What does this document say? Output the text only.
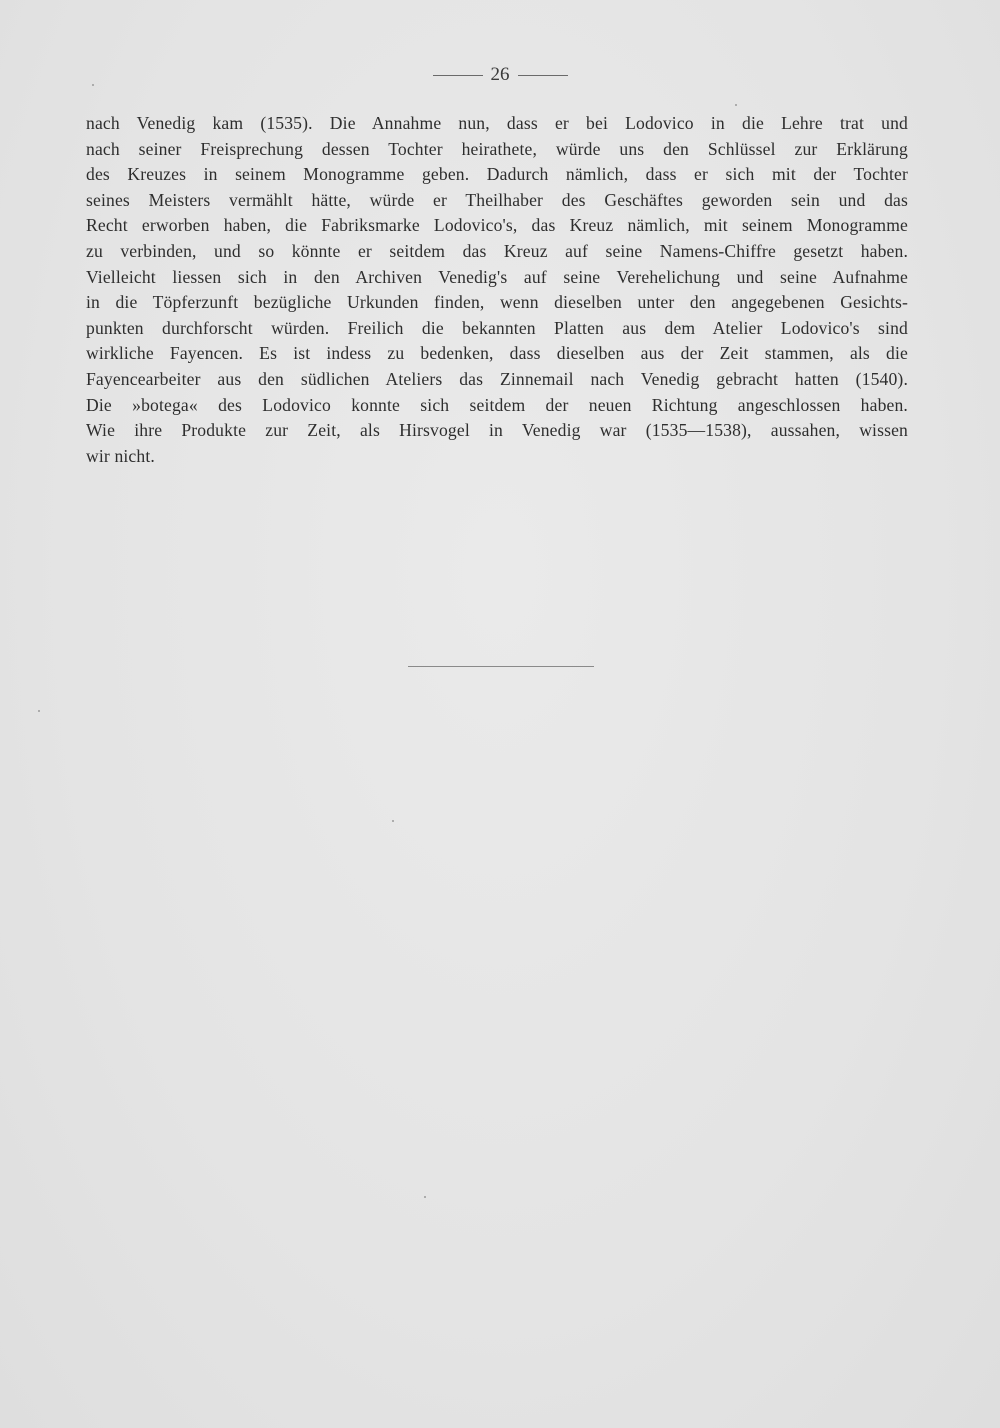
26
nach Venedig kam (1535). Die Annahme nun, dass er bei Lodovico in die Lehre trat und
nach seiner Freisprechung dessen Tochter heirathete, würde uns den Schlüssel zur Erklärung
des Kreuzes in seinem Monogramme geben. Dadurch nämlich, dass er sich mit der Tochter
seines Meisters vermählt hätte, würde er Theilhaber des Geschäftes geworden sein und das
Recht erworben haben, die Fabriksmarke Lodovico's, das Kreuz nämlich, mit seinem Monogramme
zu verbinden, und so könnte er seitdem das Kreuz auf seine Namens-Chiffre gesetzt haben.
Vielleicht liessen sich in den Archiven Venedig's auf seine Verehelichung und seine Aufnahme
in die Töpferzunft bezügliche Urkunden finden, wenn dieselben unter den angegebenen Gesichts-
punkten durchforscht würden. Freilich die bekannten Platten aus dem Atelier Lodovico's sind
wirkliche Fayencen. Es ist indess zu bedenken, dass dieselben aus der Zeit stammen, als die
Fayencearbeiter aus den südlichen Ateliers das Zinnemail nach Venedig gebracht hatten (1540).
Die »botega« des Lodovico konnte sich seitdem der neuen Richtung angeschlossen haben.
Wie ihre Produkte zur Zeit, als Hirsvogel in Venedig war (1535—1538), aussahen, wissen
wir nicht.
